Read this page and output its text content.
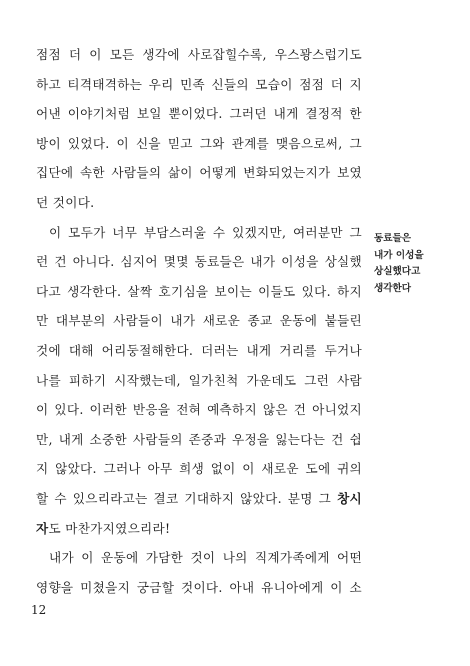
점점 더 이 모든 생각에 사로잡힐수록, 우스꽝스럽기도
하고 티격태격하는 우리 민족 신들의 모습이 점점 더 지
어낸 이야기처럼 보일 뿐이었다. 그러던 내게 결정적 한
방이 있었다. 이 신을 믿고 그와 관계를 맺음으로써, 그
집단에 속한 사람들의 삶이 어떻게 변화되었는지가 보였
던 것이다.
이 모두가 너무 부담스러울 수 있겠지만, 여러분만 그
런 건 아니다. 심지어 몇몇 동료들은 내가 이성을 상실했
다고 생각한다. 살짝 호기심을 보이는 이들도 있다. 하지
만 대부분의 사람들이 내가 새로운 종교 운동에 붙들린
것에 대해 어리둥절해한다. 더러는 내게 거리를 두거나
나를 피하기 시작했는데, 일가친척 가운데도 그런 사람
이 있다. 이러한 반응을 전혀 예측하지 않은 건 아니었지
만, 내게 소중한 사람들의 존중과 우정을 잃는다는 건 쉽
지 않았다. 그러나 아무 희생 없이 이 새로운 도에 귀의
할 수 있으리라고는 결코 기대하지 않았다. 분명 그 창시
자도 마찬가지였으리라!
내가 이 운동에 가담한 것이 나의 직계가족에게 어떤
영향을 미쳤을지 궁금할 것이다. 아내 유니아에게 이 소
동료들은
내가 이성을
상실했다고
생각한다
12
